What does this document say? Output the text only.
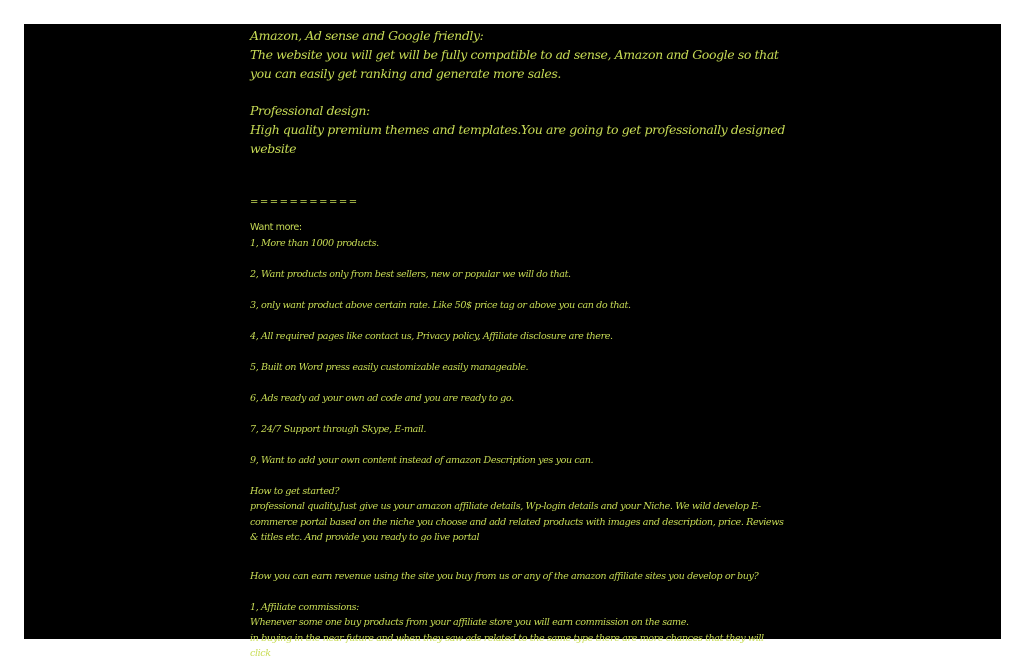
Amazon, Ad sense and Google friendly:

The website you will get will be fully compatible to ad sense, Amazon and Google so that you can easily get ranking and generate more sales.

Professional design:

High quality premium themes and templates.You are going to get professionally designed website

===========

Want more:

1, More than 1000 products.

2, Want products only from best sellers, new or popular we will do that.

3, only want product above certain rate. Like 50$ price tag or above you can do that.

4, All required pages like contact us, Privacy policy, Affiliate disclosure are there.

5, Built on Word press easily customizable easily manageable.

6, Ads ready ad your own ad code and you are ready to go.

7, 24/7 Support through Skype, E-mail.

9, Want to add your own content instead of amazon Description yes you can.

How to get started?

professional quality.Just give us your amazon affiliate details, Wp-login details and your Niche. We wild develop E-commerce portal based on the niche you choose and add related products with images and description, price. Reviews & titles etc. And provide you ready to go live portal

How you can earn revenue using the site you buy from us or any of the amazon affiliate sites you develop or buy?

1, Affiliate commissions:

Whenever some one buy products from your affiliate store you will earn commission on the same.

in buying in the near future and when they saw ads related to the same type there are more chances that they will click
